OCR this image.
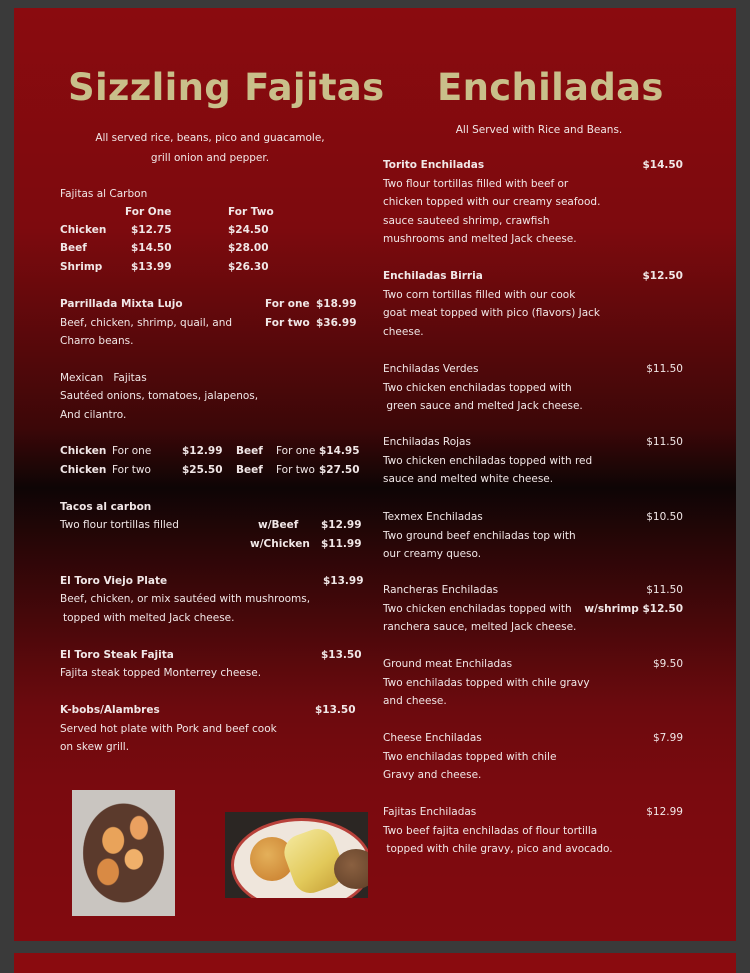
Sizzling Fajitas
All served rice, beans, pico and guacamole,
grill onion and pepper.
Fajitas al Carbon
For One	For Two
Chicken $12.75	$24.50
Beef	$14.50	$28.00
Shrimp	$13.99	$26.30
Parrillada Mixta Lujo	For one $18.99
Beef, chicken, shrimp, quail, and	For two $36.99
Charro beans.
Mexican   Fajitas
Sautéed onions, tomatoes, jalapenos,
And cilantro.
Chicken For one	$12.99 Beef For one $14.95
Chicken For two	$25.50 Beef For two $27.50
Tacos al carbon
Two flour tortillas filled	w/Beef $12.99
w/Chicken $11.99
El Toro Viejo Plate	$13.99
Beef, chicken, or mix sautéed with mushrooms,
topped with melted Jack cheese.
El Toro Steak Fajita	$13.50
Fajita steak topped Monterrey cheese.
K-bobs/Alambres	$13.50
Served hot plate with Pork and beef cook
on skew grill.
Enchiladas
All Served with Rice and Beans.
Torito Enchiladas	$14.50
Two flour tortillas filled with beef or
chicken topped with our creamy seafood.
sauce sauteed shrimp, crawfish
mushrooms and melted Jack cheese.
Enchiladas Birria	$12.50
Two corn tortillas filled with our cook
goat meat topped with pico (flavors) Jack
cheese.
Enchiladas Verdes	$11.50
Two chicken enchiladas topped with
green sauce and melted Jack cheese.
Enchiladas Rojas	$11.50
Two chicken enchiladas topped with red
sauce and melted white cheese.
Texmex Enchiladas	$10.50
Two ground beef enchiladas top with
our creamy queso.
Rancheras Enchiladas	$11.50
Two chicken enchiladas topped with
ranchera sauce, melted Jack cheese.
w/shrimp $12.50
Ground meat Enchiladas	$9.50
Two enchiladas topped with chile gravy
and cheese.
Cheese Enchiladas	$7.99
Two enchiladas topped with chile
Gravy and cheese.
Fajitas Enchiladas	$12.99
Two beef fajita enchiladas of flour tortilla
topped with chile gravy, pico and avocado.
